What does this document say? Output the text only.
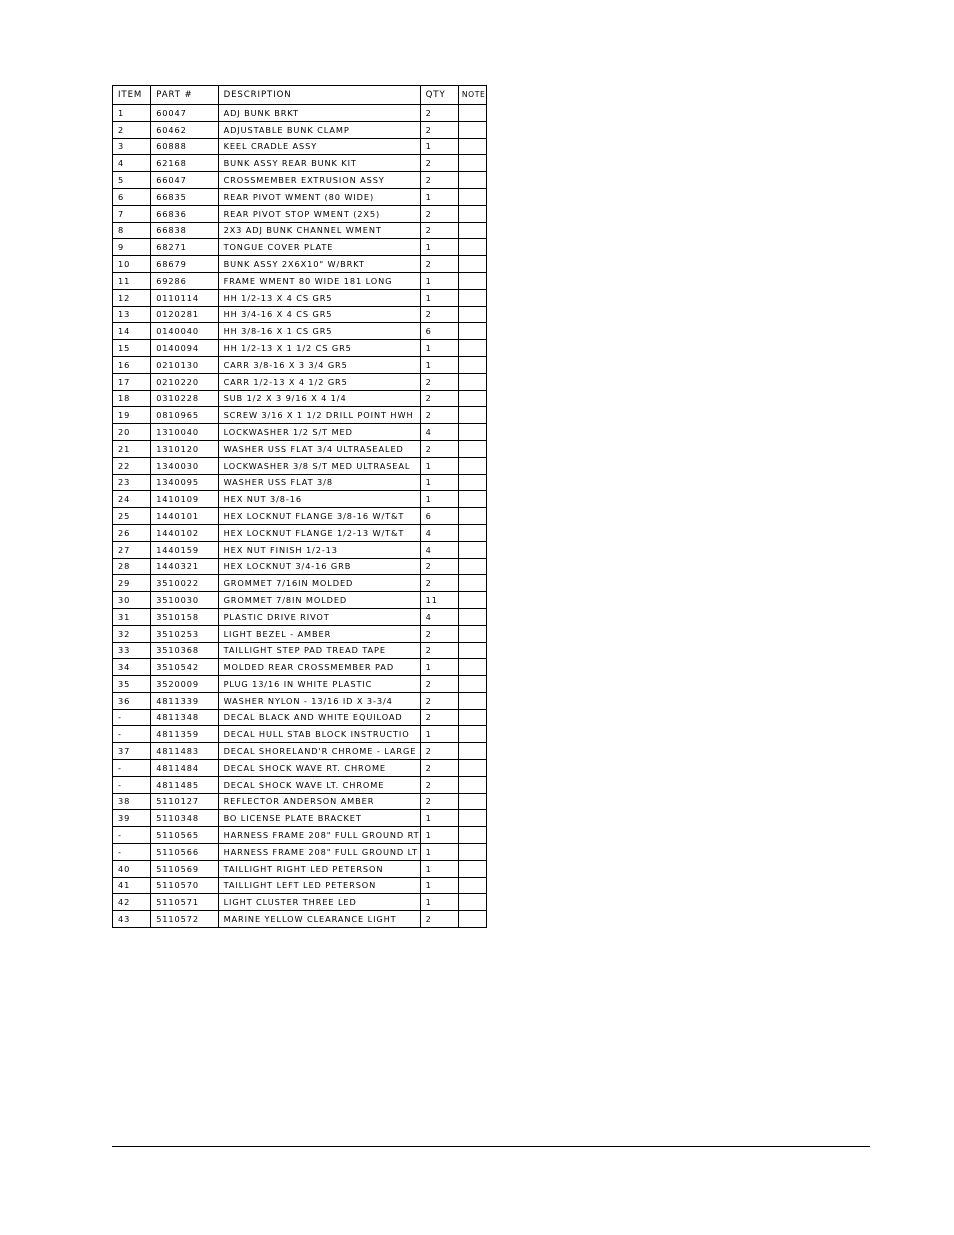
ITEM	PART #	DESCRIPTION	QTY	NOTE
1	60047	ADJ BUNK BRKT	2	
2	60462	ADJUSTABLE BUNK CLAMP	2	
3	60888	KEEL CRADLE ASSY	1	
4	62168	BUNK ASSY REAR BUNK KIT	2	
5	66047	CROSSMEMBER EXTRUSION ASSY	2	
6	66835	REAR PIVOT WMENT (80 WIDE)	1	
7	66836	REAR PIVOT STOP WMENT (2X5)	2	
8	66838	2X3 ADJ BUNK CHANNEL WMENT	2	
9	68271	TONGUE COVER PLATE	1	
10	68679	BUNK ASSY 2X6X10" W/BRKT	2	
11	69286	FRAME WMENT 80 WIDE 181 LONG	1	
12	0110114	HH 1/2-13 X 4 CS GR5	1	
13	0120281	HH 3/4-16 X 4 CS GR5	2	
14	0140040	HH 3/8-16 X 1 CS GR5	6	
15	0140094	HH 1/2-13 X 1 1/2 CS GR5	1	
16	0210130	CARR 3/8-16 X 3 3/4 GR5	1	
17	0210220	CARR 1/2-13 X 4 1/2 GR5	2	
18	0310228	SUB 1/2 X 3 9/16 X 4 1/4	2	
19	0810965	SCREW 3/16 X 1 1/2 DRILL POINT HWH	2	
20	1310040	LOCKWASHER 1/2 S/T MED	4	
21	1310120	WASHER USS FLAT 3/4 ULTRASEALED	2	
22	1340030	LOCKWASHER 3/8 S/T MED ULTRASEAL	1	
23	1340095	WASHER USS FLAT 3/8	1	
24	1410109	HEX NUT 3/8-16	1	
25	1440101	HEX LOCKNUT FLANGE 3/8-16 W/T&T	6	
26	1440102	HEX LOCKNUT FLANGE 1/2-13 W/T&T	4	
27	1440159	HEX NUT FINISH 1/2-13	4	
28	1440321	HEX LOCKNUT 3/4-16 GRB	2	
29	3510022	GROMMET 7/16IN MOLDED	2	
30	3510030	GROMMET 7/8IN MOLDED	11	
31	3510158	PLASTIC DRIVE RIVOT	4	
32	3510253	LIGHT BEZEL - AMBER	2	
33	3510368	TAILLIGHT STEP PAD TREAD TAPE	2	
34	3510542	MOLDED REAR CROSSMEMBER PAD	1	
35	3520009	PLUG 13/16 IN WHITE PLASTIC	2	
36	4811339	WASHER NYLON - 13/16 ID X 3-3/4	2	
-	4811348	DECAL BLACK AND WHITE EQUILOAD	2	
-	4811359	DECAL HULL STAB BLOCK INSTRUCTIO	1	
37	4811483	DECAL SHORELAND'R CHROME - LARGE	2	
-	4811484	DECAL SHOCK WAVE RT. CHROME	2	
-	4811485	DECAL SHOCK WAVE LT. CHROME	2	
38	5110127	REFLECTOR ANDERSON AMBER	2	
39	5110348	BO LICENSE PLATE BRACKET	1	
-	5110565	HARNESS FRAME 208" FULL GROUND RT	1	
-	5110566	HARNESS FRAME 208" FULL GROUND LT	1	
40	5110569	TAILLIGHT RIGHT LED PETERSON	1	
41	5110570	TAILLIGHT LEFT LED PETERSON	1	
42	5110571	LIGHT CLUSTER THREE LED	1	
43	5110572	MARINE YELLOW CLEARANCE LIGHT	2	
